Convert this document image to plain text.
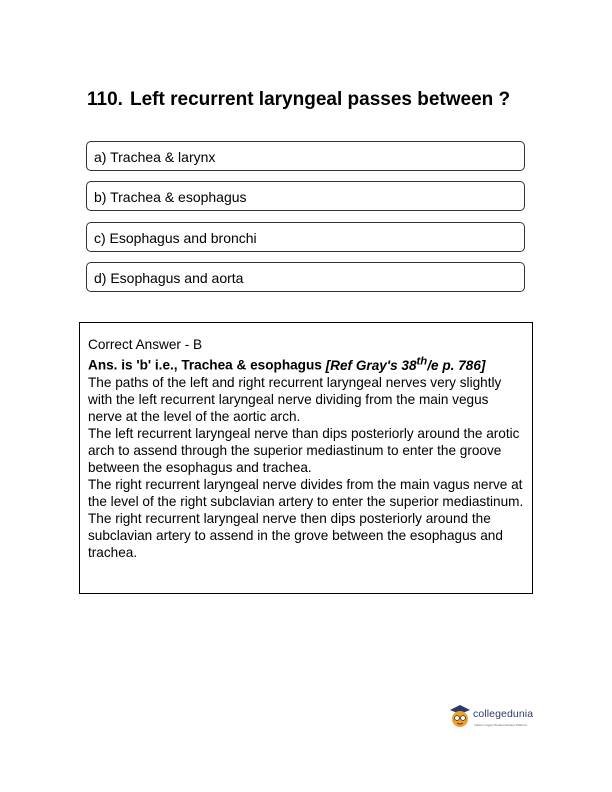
110. Left recurrent laryngeal passes between ?
a) Trachea & larynx
b) Trachea & esophagus
c) Esophagus and bronchi
d) Esophagus and aorta

Correct Answer - B

Ans. is 'b' i.e., Trachea & esophagus [Ref Gray's 38th/e p. 786]

The paths of the left and right recurrent laryngeal nerves very slightly with the left recurrent laryngeal nerve dividing from the main vegus nerve at the level of the aortic arch.

The left recurrent laryngeal nerve than dips posteriorly around the arotic arch to assend through the superior mediastinum to enter the groove between the esophagus and trachea.

The right recurrent laryngeal nerve divides from the main vagus nerve at the level of the right subclavian artery to enter the superior mediastinum.

The right recurrent laryngeal nerve then dips posteriorly around the subclavian artery to assend in the grove between the esophagus and trachea.

collegedunia
India's Largest Student Review Platform
